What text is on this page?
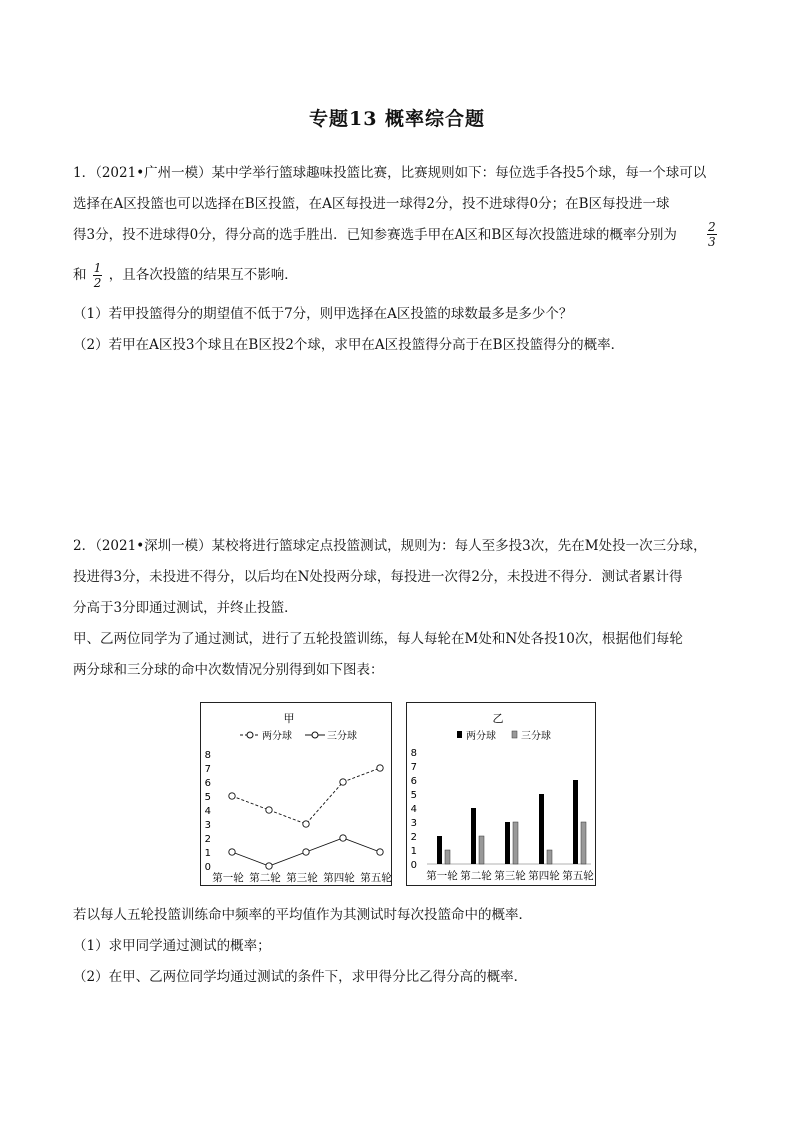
专题13 概率综合题
1．（2021•广州一模）某中学举行篮球趣味投篮比赛，比赛规则如下：每位选手各投5个球，每一个球可以
选择在A区投篮也可以选择在B区投篮，在A区每投进一球得2分，投不进球得0分；在B区每投进一球
得3分，投不进球得0分，得分高的选手胜出．已知参赛选手甲在A区和B区每次投篮进球的概率分别为	$\frac{2}{3}$
和 $\frac{1}{2}$ ，且各次投篮的结果互不影响．
（1）若甲投篮得分的期望值不低于7分，则甲选择在A区投篮的球数最多是多少个？
（2）若甲在A区投3个球且在B区投2个球，求甲在A区投篮得分高于在B区投篮得分的概率．
2．（2021•深圳一模）某校将进行篮球定点投篮测试，规则为：每人至多投3次，先在M处投一次三分球，
投进得3分，未投进不得分，以后均在N处投两分球，每投进一次得2分，未投进不得分．测试者累计得
分高于3分即通过测试，并终止投篮．
甲、乙两位同学为了通过测试，进行了五轮投篮训练，每人每轮在M处和N处各投10次，根据他们每轮
两分球和三分球的命中次数情况分别得到如下图表：
甲
两分球	三分球
0
1
2
3
4
5
6
7
8
第一轮 第二轮 第三轮 第四轮 第五轮
乙
两分球	三分球
0
1
2
3
4
5
6
7
8
第一轮 第二轮 第三轮 第四轮 第五轮
若以每人五轮投篮训练命中频率的平均值作为其测试时每次投篮命中的概率．
（1）求甲同学通过测试的概率；
（2）在甲、乙两位同学均通过测试的条件下，求甲得分比乙得分高的概率．
